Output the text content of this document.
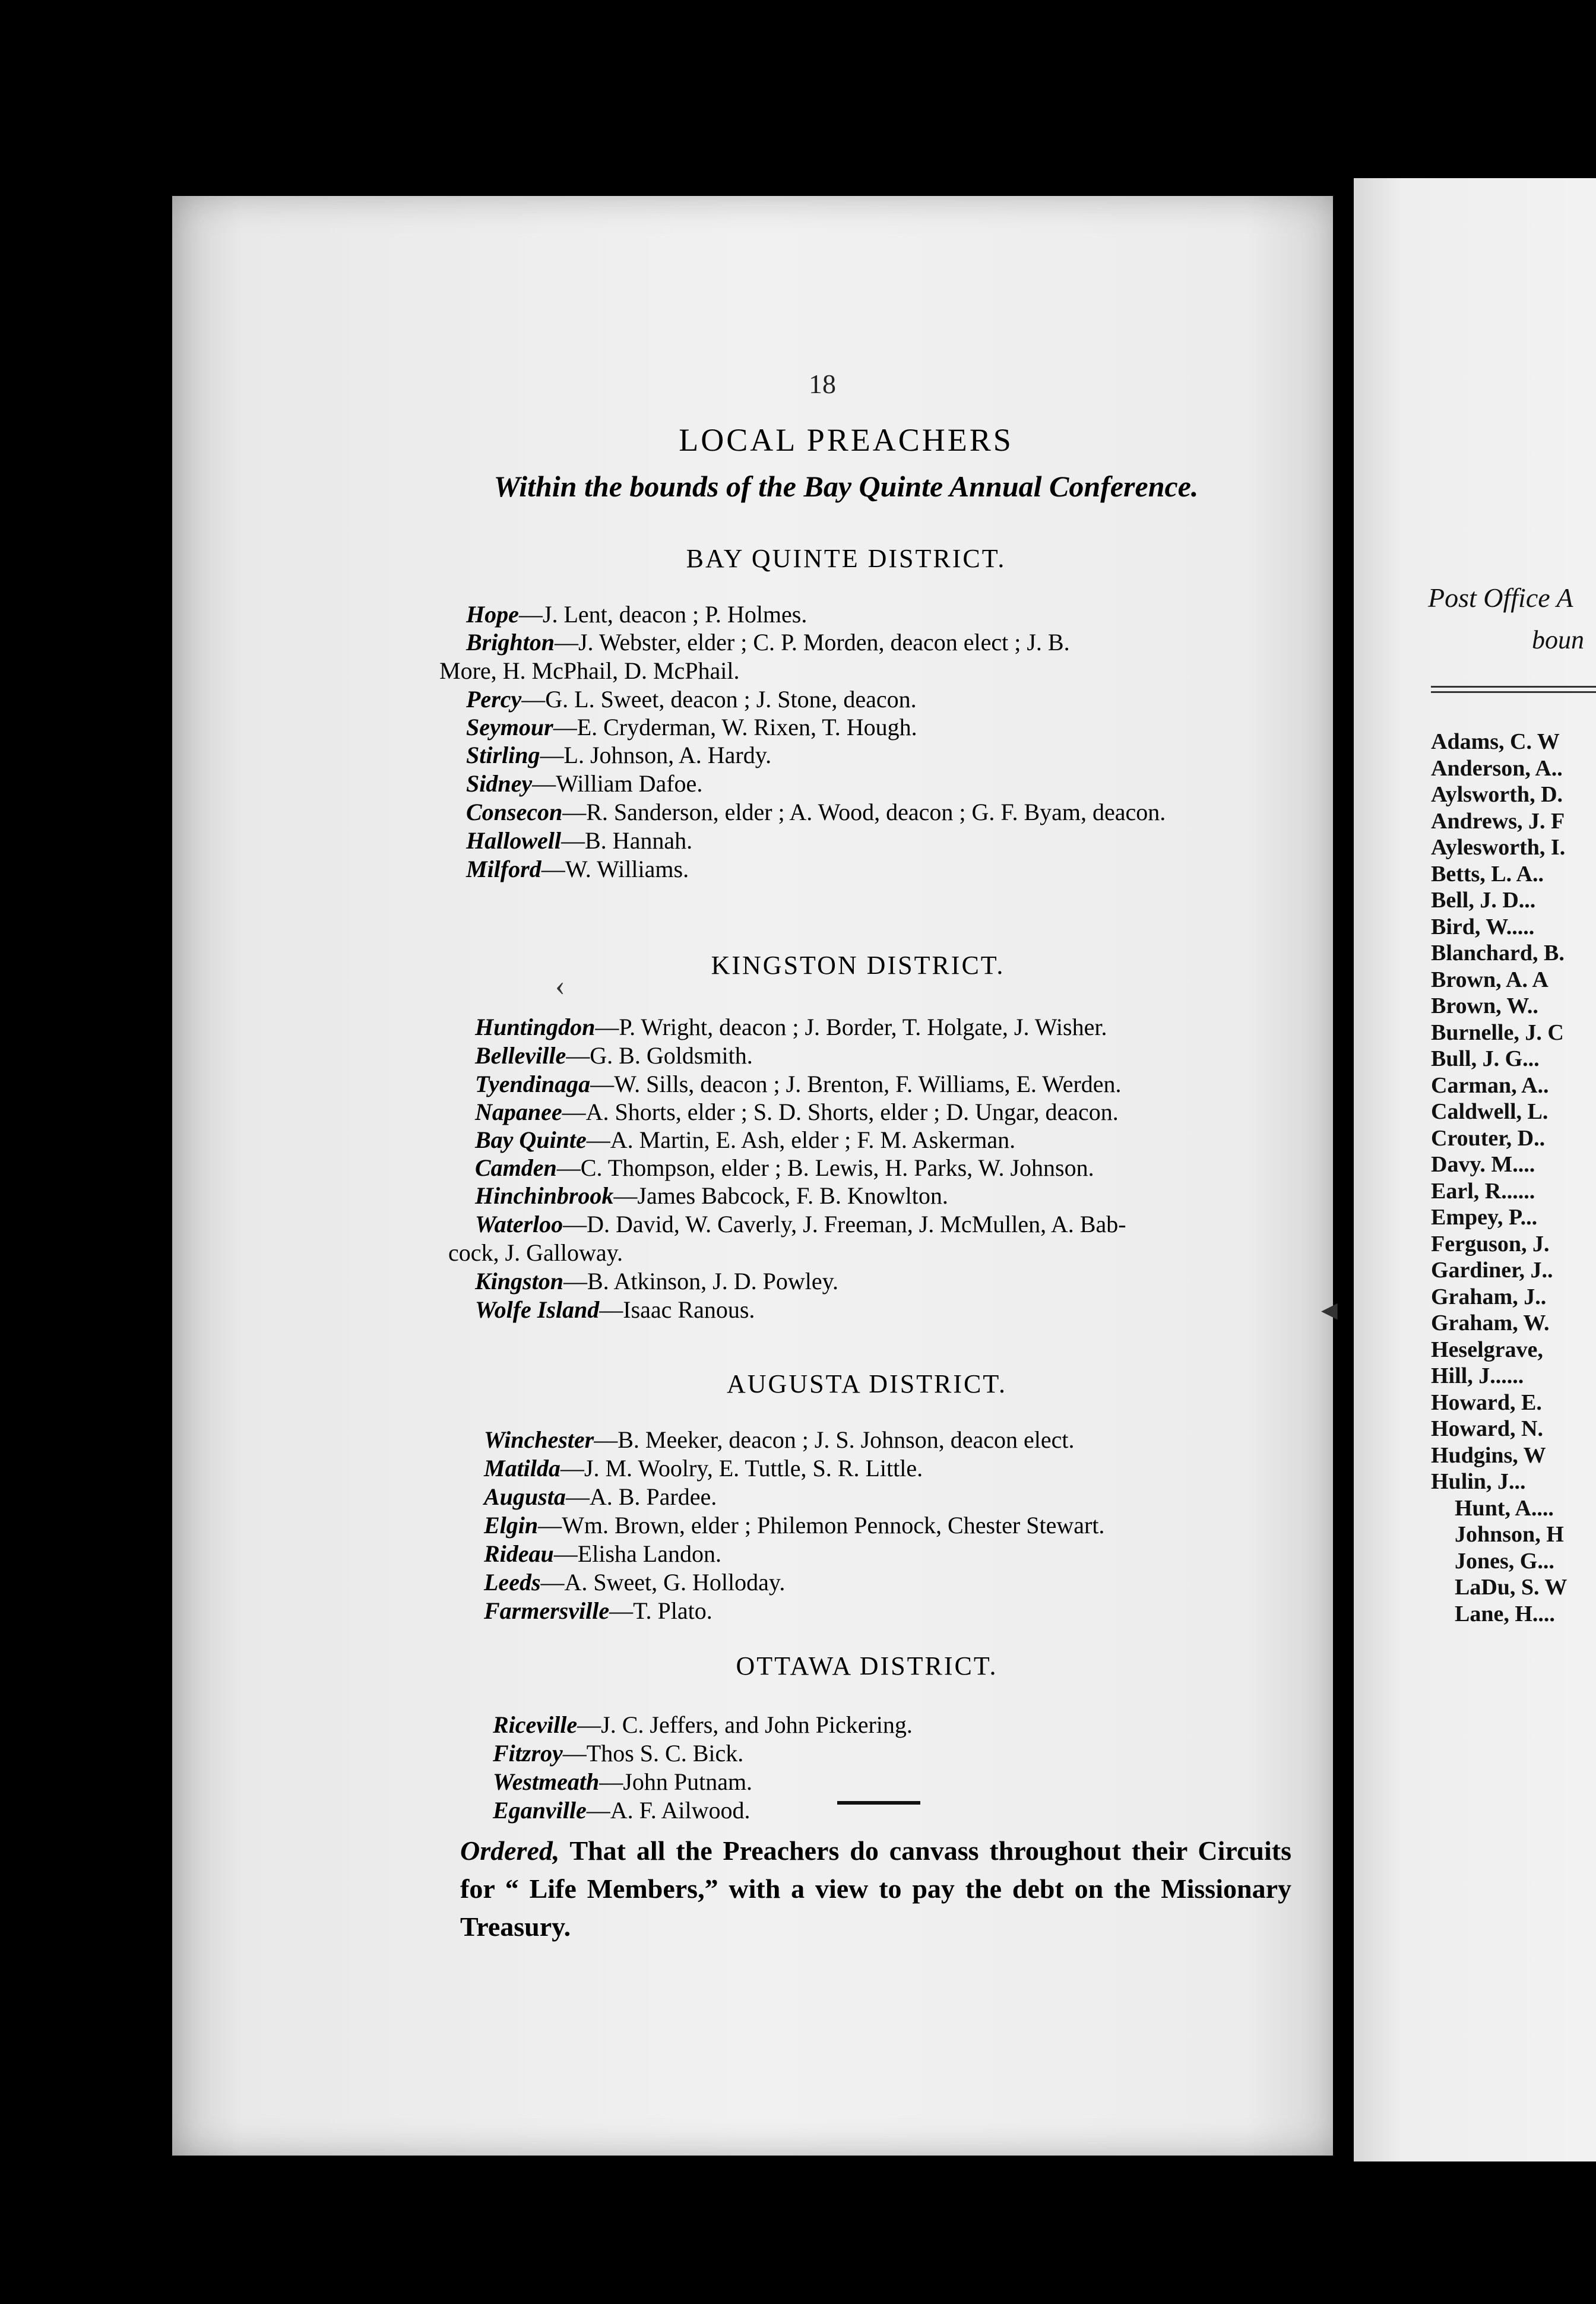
18
LOCAL PREACHERS
Within the bounds of the Bay Quinte Annual Conference.
BAY QUINTE DISTRICT.
Hope—J. Lent, deacon ; P. Holmes.
Brighton—J. Webster, elder ; C. P. Morden, deacon elect ; J. B.
More, H. McPhail, D. McPhail.
Percy—G. L. Sweet, deacon ; J. Stone, deacon.
Seymour—E. Cryderman, W. Rixen, T. Hough.
Stirling—L. Johnson, A. Hardy.
Sidney—William Dafoe.
Consecon—R. Sanderson, elder ; A. Wood, deacon ; G. F. Byam, deacon.
Hallowell—B. Hannah.
Milford—W. Williams.
KINGSTON DISTRICT.
Huntingdon—P. Wright, deacon ; J. Border, T. Holgate, J. Wisher.
Belleville—G. B. Goldsmith.
Tyendinaga—W. Sills, deacon ; J. Brenton, F. Williams, E. Werden.
Napanee—A. Shorts, elder ; S. D. Shorts, elder ; D. Ungar, deacon.
Bay Quinte—A. Martin, E. Ash, elder ; F. M. Askerman.
Camden—C. Thompson, elder ; B. Lewis, H. Parks, W. Johnson.
Hinchinbrook—James Babcock, F. B. Knowlton.
Waterloo—D. David, W. Caverly, J. Freeman, J. McMullen, A. Bab-
cock, J. Galloway.
Kingston—B. Atkinson, J. D. Powley.
Wolfe Island—Isaac Ranous.
AUGUSTA DISTRICT.
Winchester—B. Meeker, deacon ; J. S. Johnson, deacon elect.
Matilda—J. M. Woolry, E. Tuttle, S. R. Little.
Augusta—A. B. Pardee.
Elgin—Wm. Brown, elder ; Philemon Pennock, Chester Stewart.
Rideau—Elisha Landon.
Leeds—A. Sweet, G. Holloday.
Farmersville—T. Plato.
OTTAWA DISTRICT.
Riceville—J. C. Jeffers, and John Pickering.
Fitzroy—Thos S. C. Bick.
Westmeath—John Putnam.
Eganville—A. F. Ailwood.
Ordered, That all the Preachers do canvass throughout their Circuits for “ Life Members,” with a view to pay the debt on the Missionary Treasury.
‹
◀
Post Office A
boun
Adams, C. W
Anderson, A..
Aylsworth, D.
Andrews, J. F
Aylesworth, I.
Betts, L. A..
Bell, J. D...
Bird, W.....
Blanchard, B.
Brown, A. A
Brown, W..
Burnelle, J. C
Bull, J. G...
Carman, A..
Caldwell, L.
Crouter, D..
Davy. M....
Earl, R......
Empey, P...
Ferguson, J.
Gardiner, J..
Graham, J..
Graham, W.
Heselgrave,
Hill, J......
Howard, E.
Howard, N.
Hudgins, W
Hulin, J...
Hunt, A....
Johnson, H
Jones, G...
LaDu, S. W
Lane, H....
